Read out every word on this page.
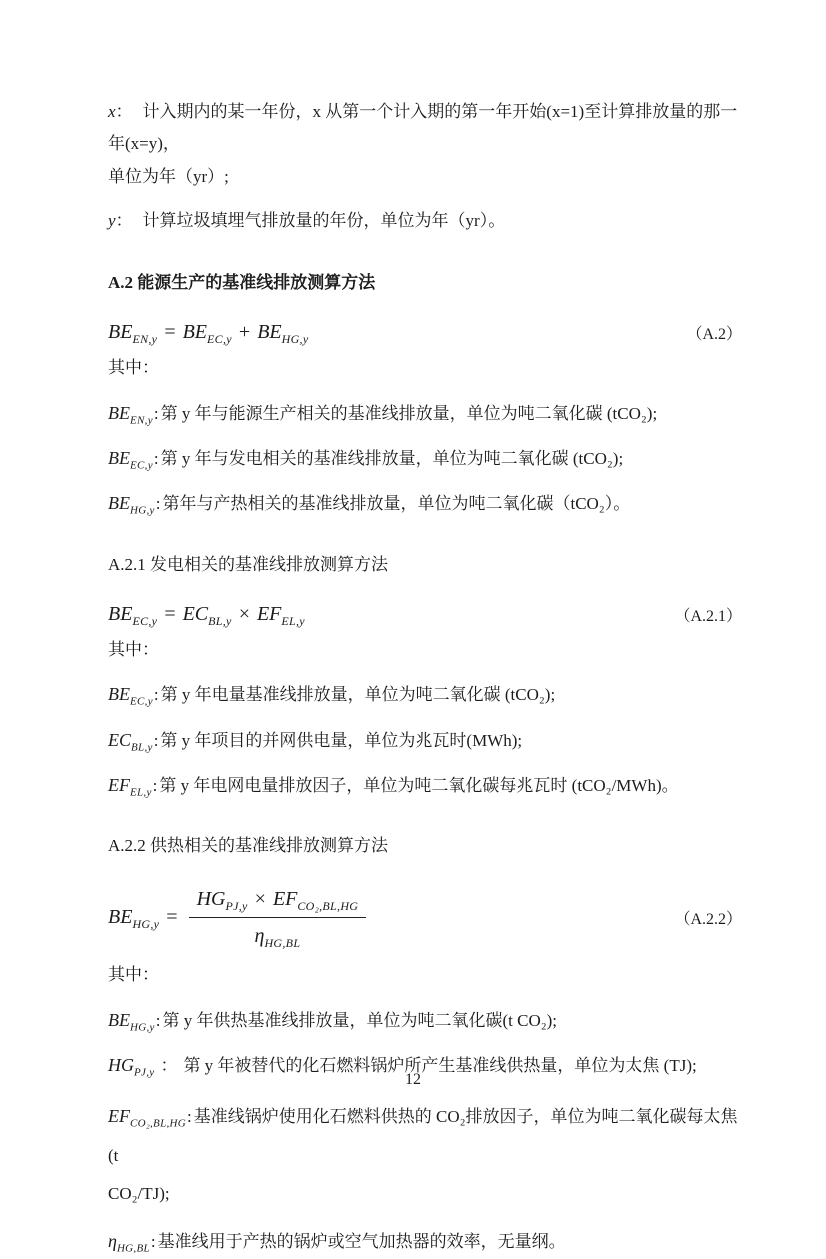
x： 计入期内的某一年份，x 从第一个计入期的第一年开始(x=1)至计算排放量的那一年(x=y)，
单位为年（yr）;

y： 计算垃圾填埋气排放量的年份，单位为年（yr）。

A.2 能源生产的基准线排放测算方法

$BE_{EN,y} = BE_{EC,y} + BE_{HG,y}$	（A.2）

其中：

$BE_{EN,y}$: 第 y 年与能源生产相关的基准线排放量，单位为吨二氧化碳 (tCO₂);

$BE_{EC,y}$: 第 y 年与发电相关的基准线排放量，单位为吨二氧化碳 (tCO₂);

$BE_{HG,y}$: 第年与产热相关的基准线排放量，单位为吨二氧化碳（tCO₂）。

A.2.1 发电相关的基准线排放测算方法

$BE_{EC,y} = EC_{BL,y} \times EF_{EL,y}$	（A.2.1）

其中：

$BE_{EC,y}$: 第 y 年电量基准线排放量，单位为吨二氧化碳 (tCO₂);

$EC_{BL,y}$: 第 y 年项目的并网供电量，单位为兆瓦时(MWh);

$EF_{EL,y}$: 第 y 年电网电量排放因子，单位为吨二氧化碳每兆瓦时 (tCO₂/MWh)。

A.2.2 供热相关的基准线排放测算方法

$BE_{HG,y} = \frac{HG_{PJ,y} \times EF_{CO_2,BL,HG}}{\eta_{HG,BL}}$	（A.2.2）

其中：

$BE_{HG,y}$: 第 y 年供热基准线排放量，单位为吨二氧化碳(t CO₂);

$HG_{PJ,y}$ ： 第 y 年被替代的化石燃料锅炉所产生基准线供热量，单位为太焦 (TJ);

$EF_{CO_2,BL,HG}$: 基准线锅炉使用化石燃料供热的 CO₂排放因子，单位为吨二氧化碳每太焦(t
CO₂/TJ);

$\eta_{HG,BL}$: 基准线用于产热的锅炉或空气加热器的效率，无量纲。

12
